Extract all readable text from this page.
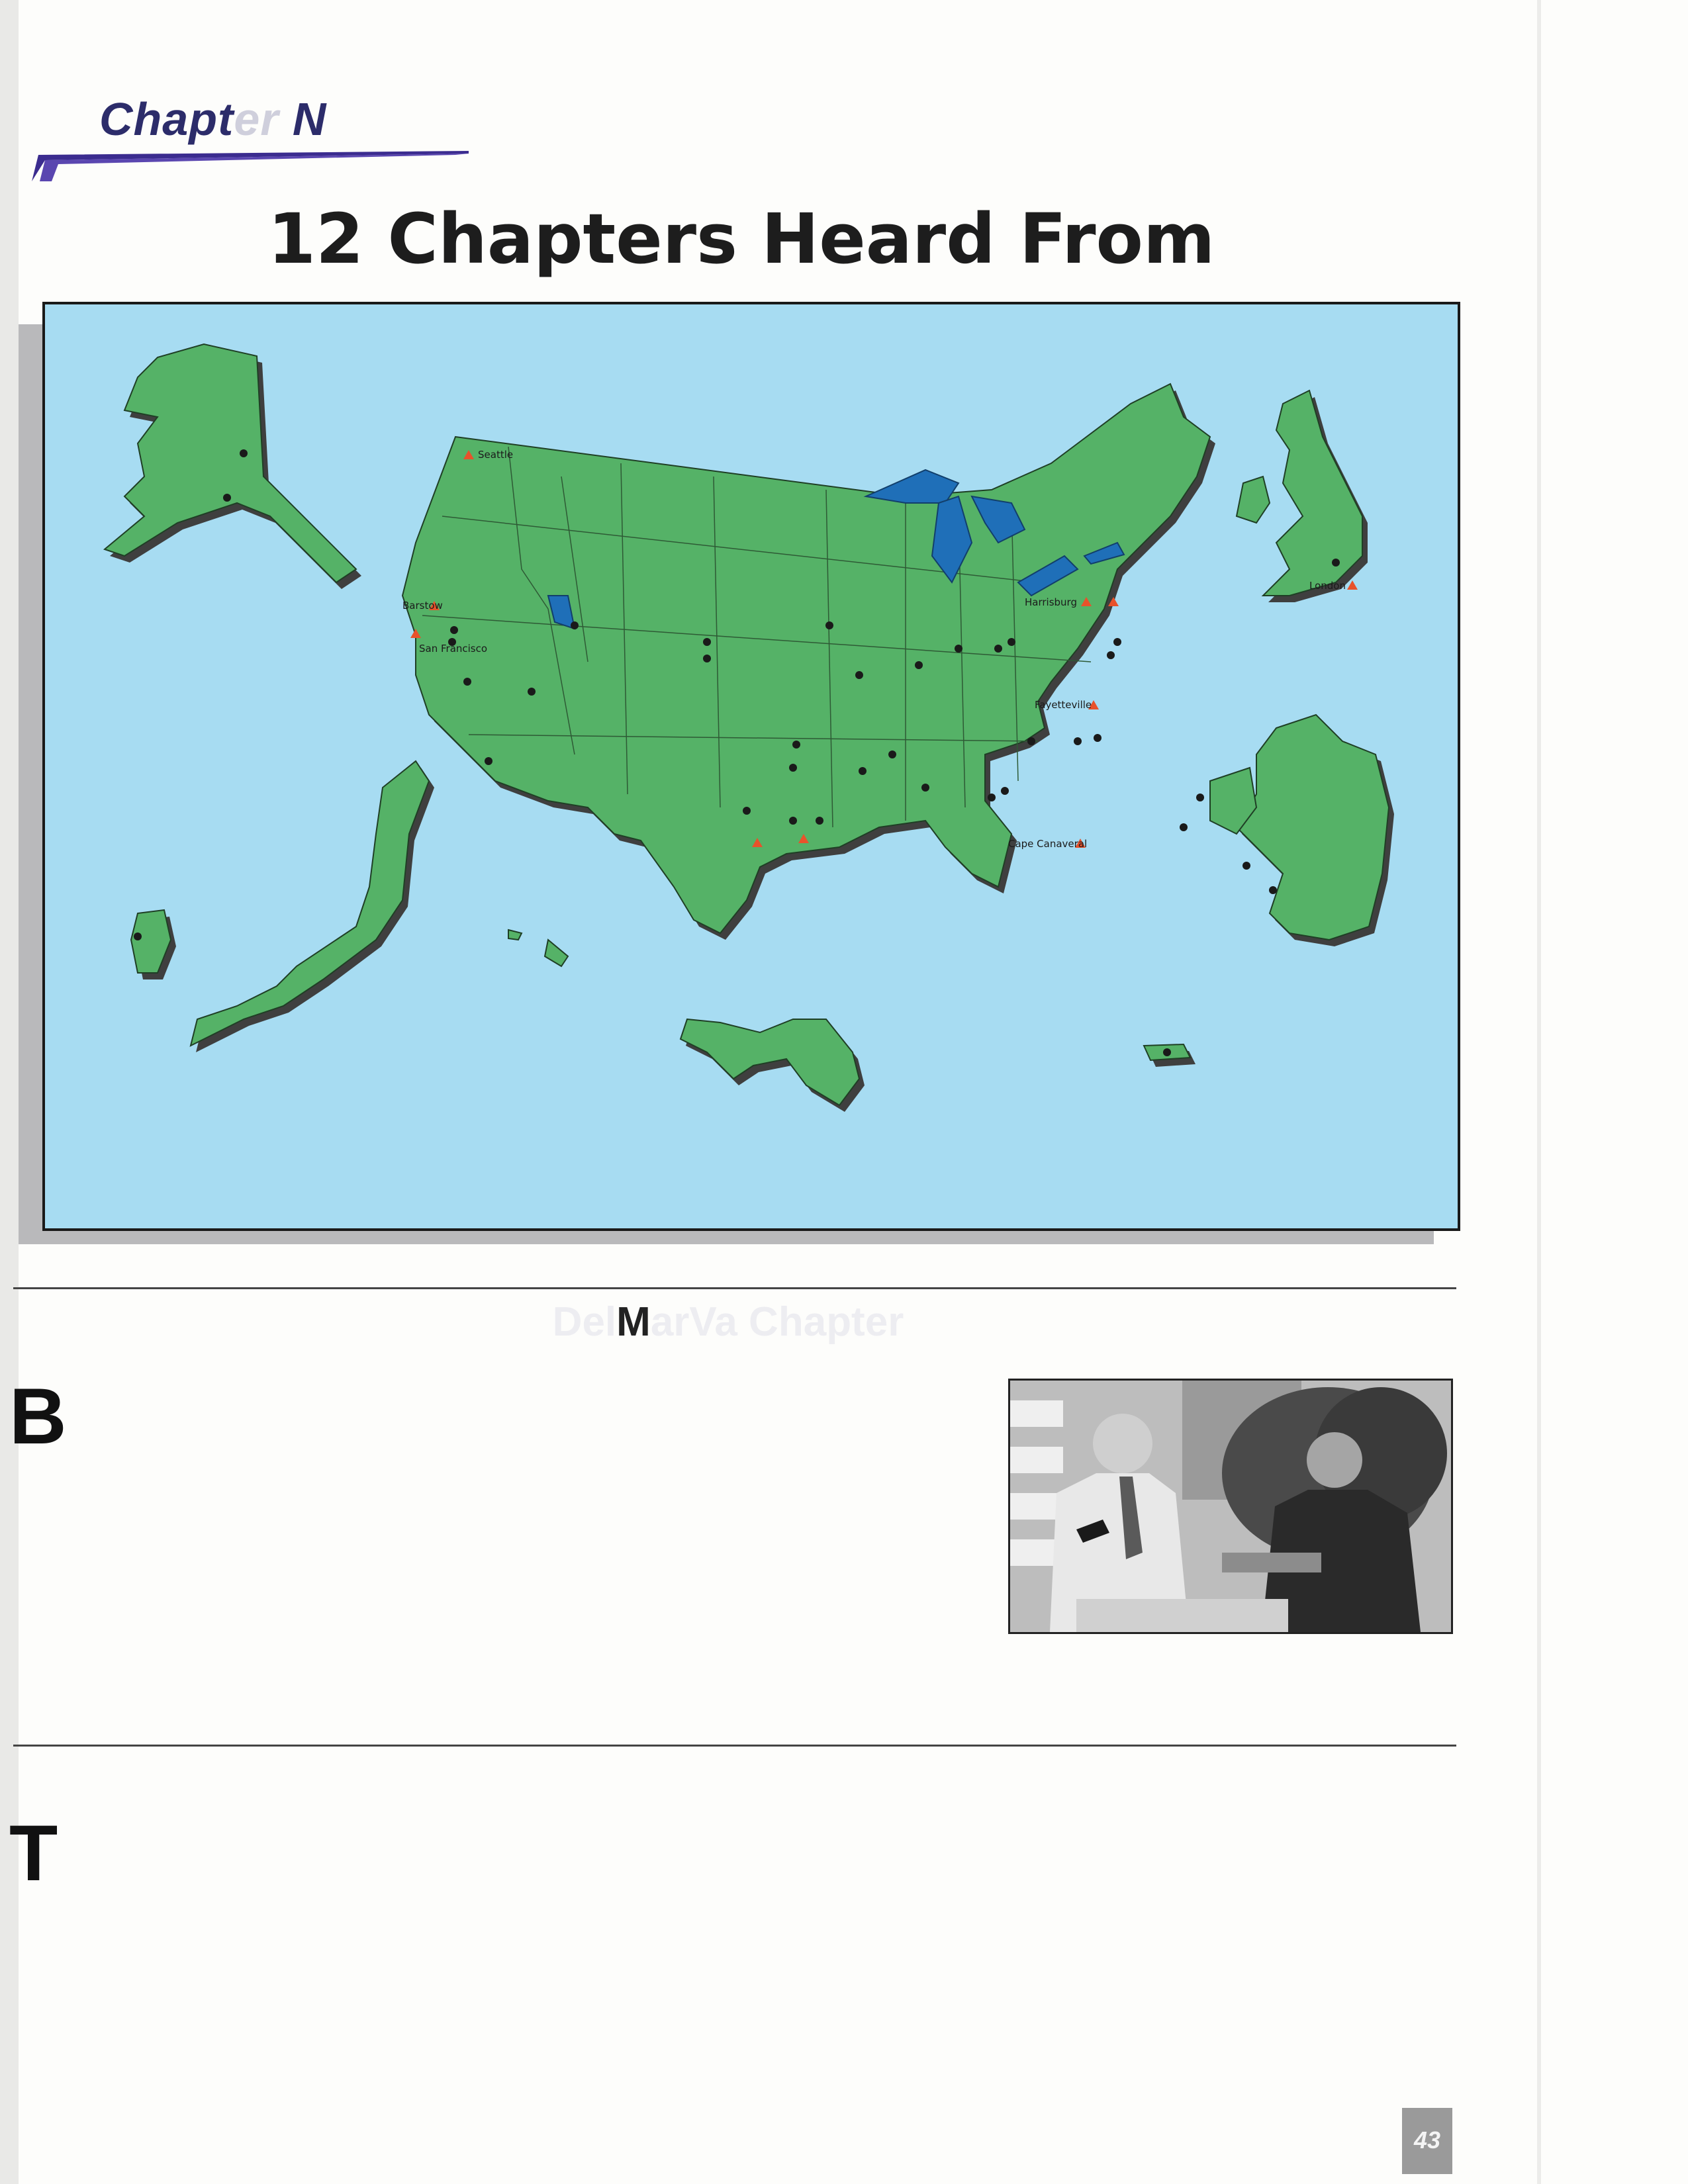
Chapter N
12 Chapters Heard From
Seattle
Barstow
San Francisco
Harrisburg
Fayetteville
Cape Canaveral
London
DelMarVa Chapter
B
T
43
